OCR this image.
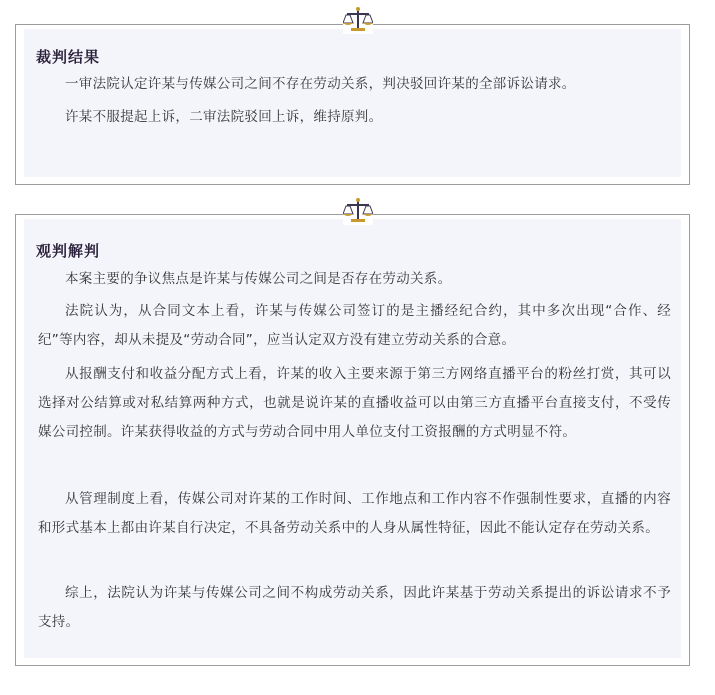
裁判结果

一审法院认定许某与传媒公司之间不存在劳动关系，判决驳回许某的全部诉讼请求。

许某不服提起上诉，二审法院驳回上诉，维持原判。

观判解判

本案主要的争议焦点是许某与传媒公司之间是否存在劳动关系。

法院认为，从合同文本上看，许某与传媒公司签订的是主播经纪合约，其中多次出现“合作、经纪”等内容，却从未提及“劳动合同”，应当认定双方没有建立劳动关系的合意。

从报酬支付和收益分配方式上看，许某的收入主要来源于第三方网络直播平台的粉丝打赏，其可以选择对公结算或对私结算两种方式，也就是说许某的直播收益可以由第三方直播平台直接支付，不受传媒公司控制。许某获得收益的方式与劳动合同中用人单位支付工资报酬的方式明显不符。

从管理制度上看，传媒公司对许某的工作时间、工作地点和工作内容不作强制性要求，直播的内容和形式基本上都由许某自行决定，不具备劳动关系中的人身从属性特征，因此不能认定存在劳动关系。

综上，法院认为许某与传媒公司之间不构成劳动关系，因此许某基于劳动关系提出的诉讼请求不予支持。
